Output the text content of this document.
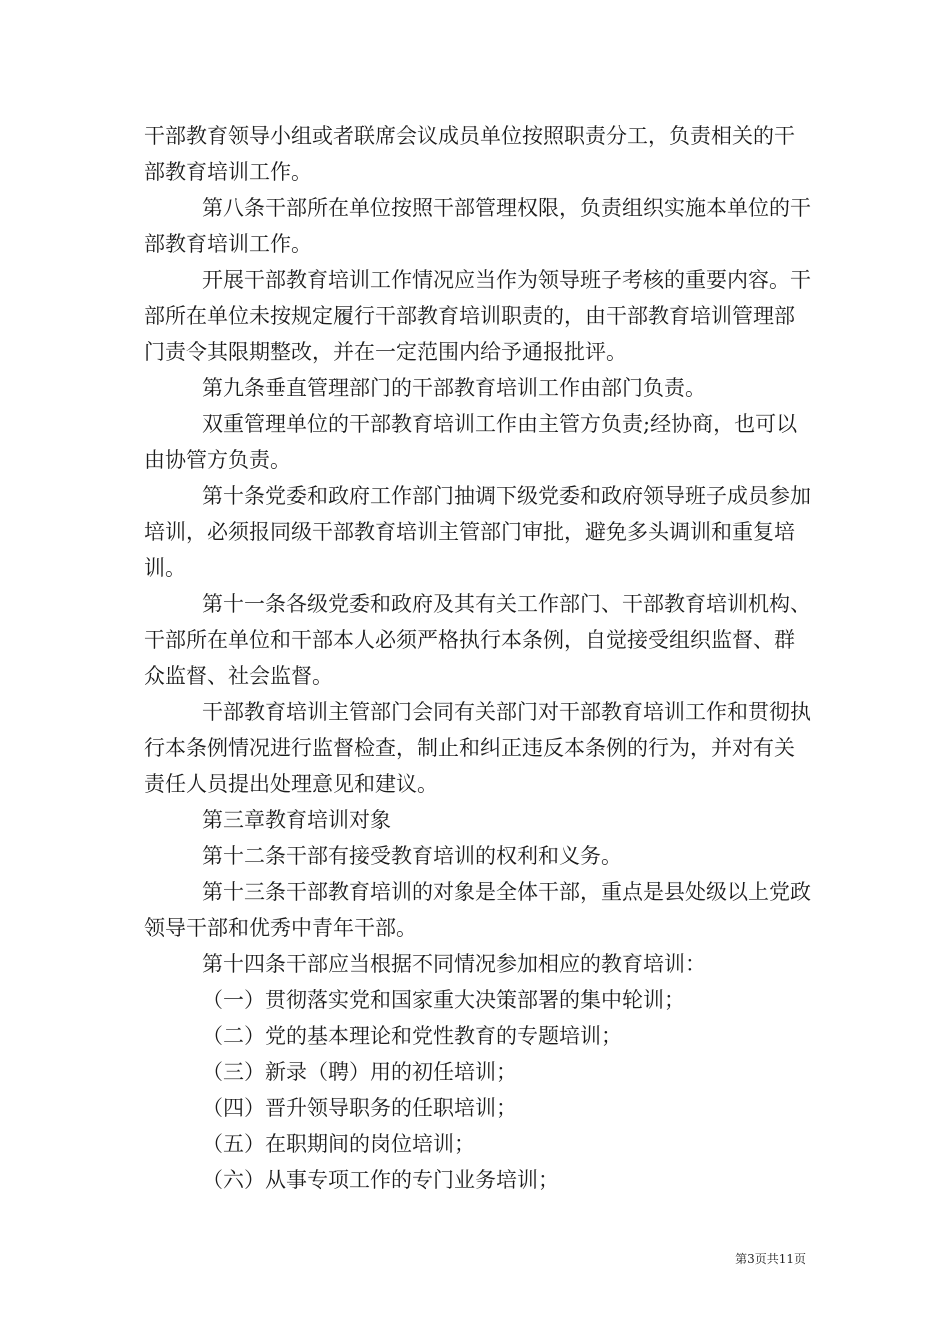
干部教育领导小组或者联席会议成员单位按照职责分工，负责相关的干部教育培训工作。

第八条干部所在单位按照干部管理权限，负责组织实施本单位的干部教育培训工作。

开展干部教育培训工作情况应当作为领导班子考核的重要内容。干部所在单位未按规定履行干部教育培训职责的，由干部教育培训管理部门责令其限期整改，并在一定范围内给予通报批评。

第九条垂直管理部门的干部教育培训工作由部门负责。

双重管理单位的干部教育培训工作由主管方负责;经协商，也可以由协管方负责。

第十条党委和政府工作部门抽调下级党委和政府领导班子成员参加培训，必须报同级干部教育培训主管部门审批，避免多头调训和重复培训。

第十一条各级党委和政府及其有关工作部门、干部教育培训机构、干部所在单位和干部本人必须严格执行本条例，自觉接受组织监督、群众监督、社会监督。

干部教育培训主管部门会同有关部门对干部教育培训工作和贯彻执行本条例情况进行监督检查，制止和纠正违反本条例的行为，并对有关责任人员提出处理意见和建议。

第三章教育培训对象

第十二条干部有接受教育培训的权利和义务。

第十三条干部教育培训的对象是全体干部，重点是县处级以上党政领导干部和优秀中青年干部。

第十四条干部应当根据不同情况参加相应的教育培训：

（一）贯彻落实党和国家重大决策部署的集中轮训；

（二）党的基本理论和党性教育的专题培训；

（三）新录（聘）用的初任培训；

（四）晋升领导职务的任职培训；

（五）在职期间的岗位培训；

（六）从事专项工作的专门业务培训；

第3页共11页
